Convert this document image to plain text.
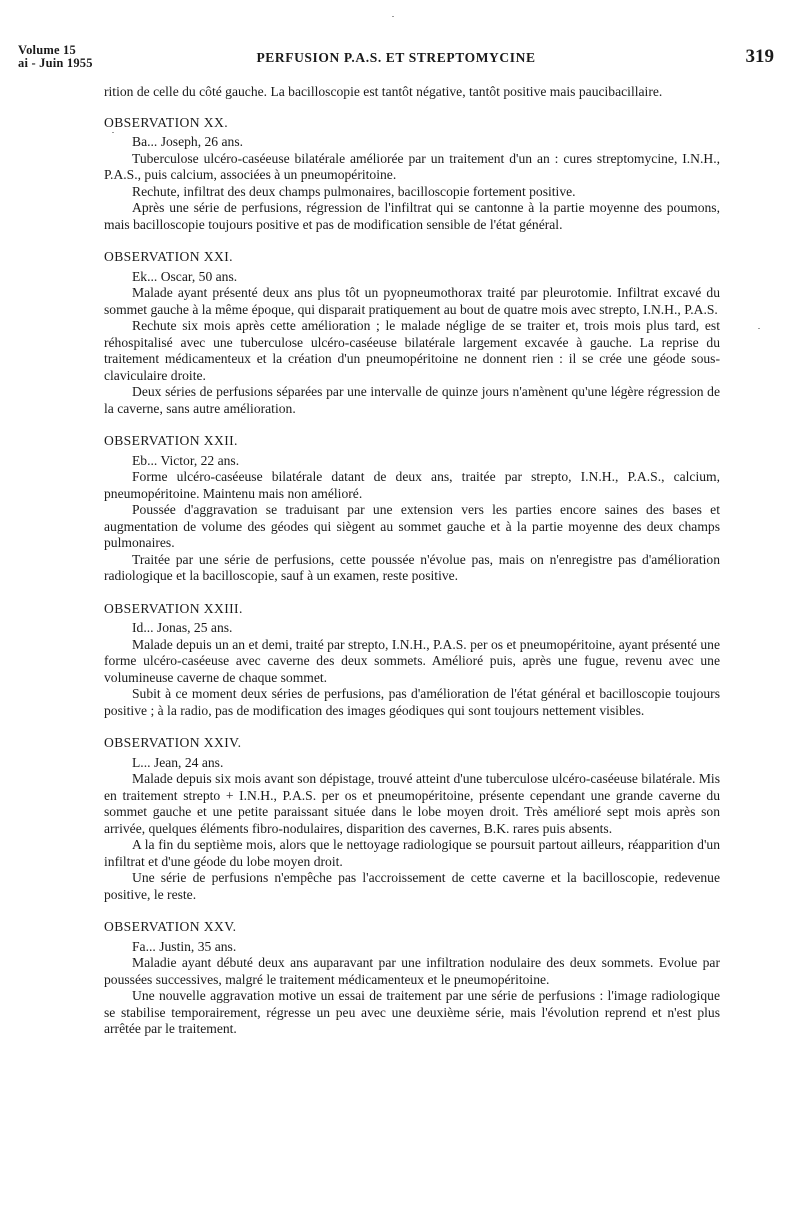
Volume 15
ai - Juin 1955	PERFUSION P.A.S. ET STREPTOMYCINE	319

rition de celle du côté gauche. La bacilloscopie est tantôt négative, tantôt positive mais paucibacillaire.

OBSERVATION XX.

Ba... Joseph, 26 ans.

Tuberculose ulcéro-caséeuse bilatérale améliorée par un traitement d'un an : cures streptomycine, I.N.H., P.A.S., puis calcium, associées à un pneumopéritoine.

Rechute, infiltrat des deux champs pulmonaires, bacilloscopie fortement positive.

Après une série de perfusions, régression de l'infiltrat qui se cantonne à la partie moyenne des poumons, mais bacilloscopie toujours positive et pas de modification sensible de l'état général.

OBSERVATION XXI.

Ek... Oscar, 50 ans.

Malade ayant présenté deux ans plus tôt un pyopneumothorax traité par pleurotomie. Infiltrat excavé du sommet gauche à la même époque, qui disparait pratiquement au bout de quatre mois avec strepto, I.N.H., P.A.S.

Rechute six mois après cette amélioration ; le malade néglige de se traiter et, trois mois plus tard, est réhospitalisé avec une tuberculose ulcéro-caséeuse bilatérale largement excavée à gauche. La reprise du traitement médicamenteux et la création d'un pneumopéritoine ne donnent rien : il se crée une géode sous-claviculaire droite.

Deux séries de perfusions séparées par une intervalle de quinze jours n'amènent qu'une légère régression de la caverne, sans autre amélioration.

OBSERVATION XXII.

Eb... Victor, 22 ans.

Forme ulcéro-caséeuse bilatérale datant de deux ans, traitée par strepto, I.N.H., P.A.S., calcium, pneumopéritoine. Maintenu mais non amélioré.

Poussée d'aggravation se traduisant par une extension vers les parties encore saines des bases et augmentation de volume des géodes qui siègent au sommet gauche et à la partie moyenne des deux champs pulmonaires.

Traitée par une série de perfusions, cette poussée n'évolue pas, mais on n'enregistre pas d'amélioration radiologique et la bacilloscopie, sauf à un examen, reste positive.

OBSERVATION XXIII.

Id... Jonas, 25 ans.

Malade depuis un an et demi, traité par strepto, I.N.H., P.A.S. per os et pneumopéritoine, ayant présenté une forme ulcéro-caséeuse avec caverne des deux sommets. Amélioré puis, après une fugue, revenu avec une volumineuse caverne de chaque sommet.

Subit à ce moment deux séries de perfusions, pas d'amélioration de l'état général et bacilloscopie toujours positive ; à la radio, pas de modification des images géodiques qui sont toujours nettement visibles.

OBSERVATION XXIV.

L... Jean, 24 ans.

Malade depuis six mois avant son dépistage, trouvé atteint d'une tuberculose ulcéro-caséeuse bilatérale. Mis en traitement strepto + I.N.H., P.A.S. per os et pneumopéritoine, présente cependant une grande caverne du sommet gauche et une petite paraissant située dans le lobe moyen droit. Très amélioré sept mois après son arrivée, quelques éléments fibro-nodulaires, disparition des cavernes, B.K. rares puis absents.

A la fin du septième mois, alors que le nettoyage radiologique se poursuit partout ailleurs, réapparition d'un infiltrat et d'une géode du lobe moyen droit.

Une série de perfusions n'empêche pas l'accroissement de cette caverne et la bacilloscopie, redevenue positive, le reste.

OBSERVATION XXV.

Fa... Justin, 35 ans.

Maladie ayant débuté deux ans auparavant par une infiltration nodulaire des deux sommets. Evolue par poussées successives, malgré le traitement médicamenteux et le pneumopéritoine.

Une nouvelle aggravation motive un essai de traitement par une série de perfusions : l'image radiologique se stabilise temporairement, régresse un peu avec une deuxième série, mais l'évolution reprend et n'est plus arrêtée par le traitement.
